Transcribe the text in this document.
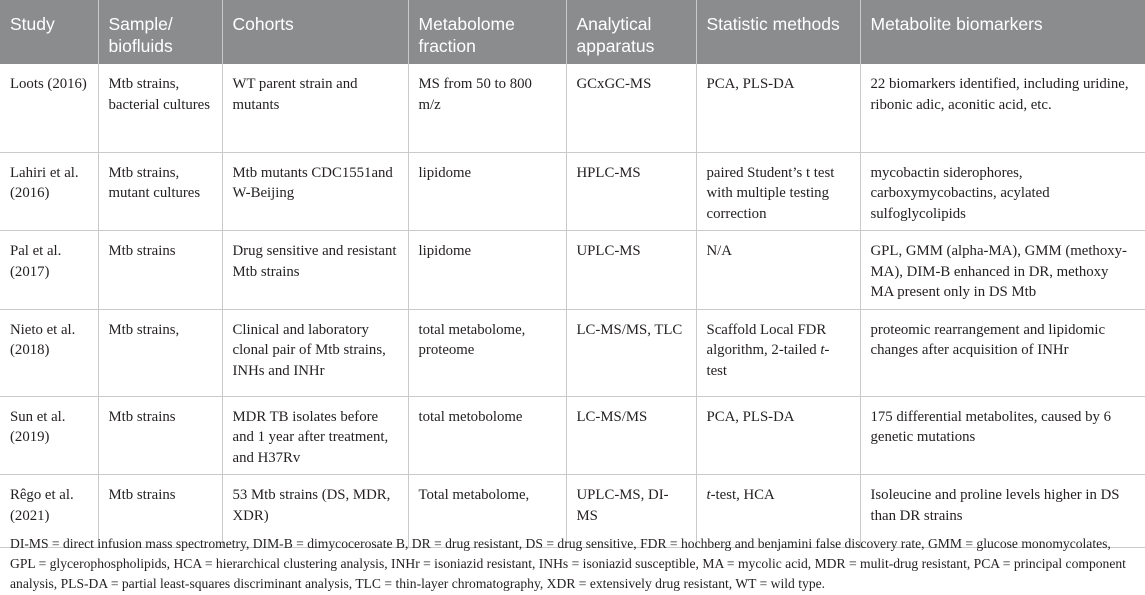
Study	Sample/ biofluids	Cohorts	Metabolome fraction	Analytical apparatus	Statistic methods	Metabolite biomarkers
Loots (2016)	Mtb strains, bacterial cultures	WT parent strain and mutants	MS from 50 to 800 m/z	GCxGC-MS	PCA, PLS-DA	22 biomarkers identified, including uridine, ribonic adic, aconitic acid, etc.
Lahiri et al. (2016)	Mtb strains, mutant cultures	Mtb mutants CDC1551and W-Beijing	lipidome	HPLC-MS	paired Student’s t test with multiple testing correction	mycobactin siderophores, carboxymycobactins, acylated sulfoglycolipids
Pal et al. (2017)	Mtb strains	Drug sensitive and resistant Mtb strains	lipidome	UPLC-MS	N/A	GPL, GMM (alpha-MA), GMM (methoxy-MA), DIM-B enhanced in DR, methoxy MA present only in DS Mtb
Nieto et al. (2018)	Mtb strains,	Clinical and laboratory clonal pair of Mtb strains, INHs and INHr	total metabolome, proteome	LC-MS/MS, TLC	Scaffold Local FDR algorithm, 2-tailed t-test	proteomic rearrangement and lipidomic changes after acquisition of INHr
Sun et al. (2019)	Mtb strains	MDR TB isolates before and 1 year after treatment, and H37Rv	total metobolome	LC-MS/MS	PCA, PLS-DA	175 differential metabolites, caused by 6 genetic mutations
Rêgo et al. (2021)	Mtb strains	53 Mtb strains (DS, MDR, XDR)	Total metabolome,	UPLC-MS, DI-MS	t-test, HCA	Isoleucine and proline levels higher in DS than DR strains
DI-MS = direct infusion mass spectrometry, DIM-B = dimycocerosate B, DR = drug resistant, DS = drug sensitive, FDR = hochberg and benjamini false discovery rate, GMM = glucose monomycolates, GPL = glycerophospholipids, HCA = hierarchical clustering analysis, INHr = isoniazid resistant, INHs = isoniazid susceptible, MA = mycolic acid, MDR = mulit-drug resistant, PCA = principal component analysis, PLS-DA = partial least-squares discriminant analysis, TLC = thin-layer chromatography, XDR = extensively drug resistant, WT = wild type.
